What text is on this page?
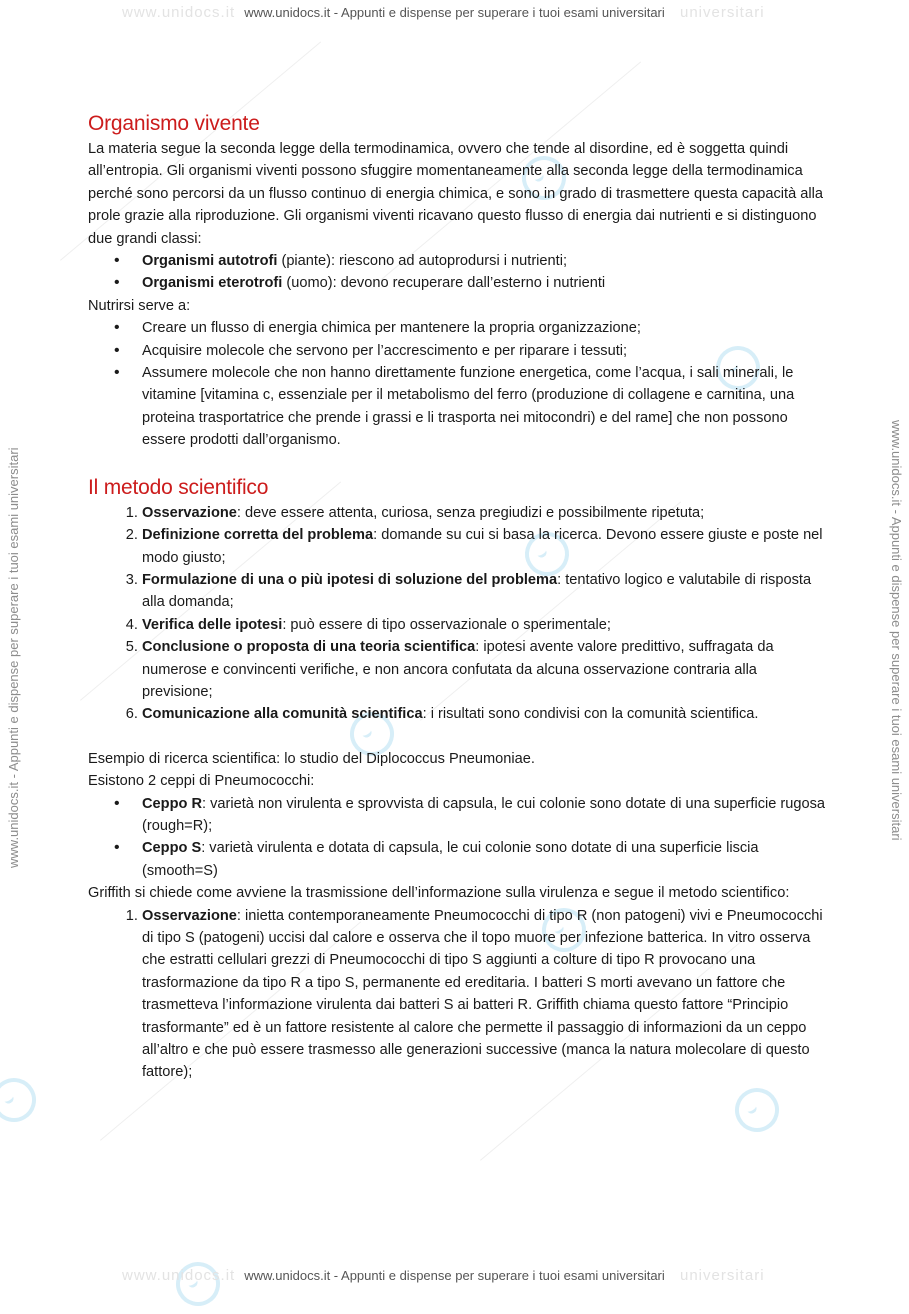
www.unidocs.it	universitari
www.unidocs.it - Appunti e dispense per superare i tuoi esami universitari
www.unidocs.it	universitari
www.unidocs.it - Appunti e dispense per superare i tuoi esami universitari
www.unidocs.it - Appunti e dispense per superare i tuoi esami universitari	www.unidocs.it - Appunti e dispense per superare i tuoi esami universitari
Organismo vivente

La materia segue la seconda legge della termodinamica, ovvero che tende al disordine, ed è soggetta quindi all’entropia. Gli organismi viventi possono sfuggire momentaneamente alla seconda legge della termodinamica perché sono percorsi da un flusso continuo di energia chimica, e sono in grado di trasmettere questa capacità alla prole grazie alla riproduzione. Gli organismi viventi ricavano questo flusso di energia dai nutrienti e si distinguono due grandi classi:

• Organismi autotrofi (piante): riescono ad autoprodursi i nutrienti;
• Organismi eterotrofi (uomo): devono recuperare dall’esterno i nutrienti

Nutrirsi serve a:

• Creare un flusso di energia chimica per mantenere la propria organizzazione;
• Acquisire molecole che servono per l’accrescimento e per riparare i tessuti;
• Assumere molecole che non hanno direttamente funzione energetica, come l’acqua, i sali minerali, le vitamine [vitamina c, essenziale per il metabolismo del ferro (produzione di collagene e carnitina, una proteina trasportatrice che prende i grassi e li trasporta nei mitocondri) e del rame] che non possono essere prodotti dall’organismo.
Il metodo scientifico
1. Osservazione: deve essere attenta, curiosa, senza pregiudizi e possibilmente ripetuta;
2. Definizione corretta del problema: domande su cui si basa la ricerca. Devono essere giuste e poste nel modo giusto;
3. Formulazione di una o più ipotesi di soluzione del problema: tentativo logico e valutabile di risposta alla domanda;
4. Verifica delle ipotesi: può essere di tipo osservazionale o sperimentale;
5. Conclusione o proposta di una teoria scientifica: ipotesi avente valore predittivo, suffragata da numerose e convincenti verifiche, e non ancora confutata da alcuna osservazione contraria alla previsione;
6. Comunicazione alla comunità scientifica: i risultati sono condivisi con la comunità scientifica.

Esempio di ricerca scientifica: lo studio del Diplococcus Pneumoniae.

Esistono 2 ceppi di Pneumococchi:

• Ceppo R: varietà non virulenta e sprovvista di capsula, le cui colonie sono dotate di una superficie rugosa (rough=R);
• Ceppo S: varietà virulenta e dotata di capsula, le cui colonie sono dotate di una superficie liscia (smooth=S)

Griffith si chiede come avviene la trasmissione dell’informazione sulla virulenza e segue il metodo scientifico:

1. Osservazione: inietta contemporaneamente Pneumococchi di tipo R (non patogeni) vivi e Pneumococchi di tipo S (patogeni) uccisi dal calore e osserva che il topo muore per infezione batterica. In vitro osserva che estratti cellulari grezzi di Pneumococchi di tipo S aggiunti a colture di tipo R provocano una trasformazione da tipo R a tipo S, permanente ed ereditaria. I batteri S morti avevano un fattore che trasmetteva l’informazione virulenta dai batteri S ai batteri R. Griffith chiama questo fattore “Principio trasformante” ed è un fattore resistente al calore che permette il passaggio di informazioni da un ceppo all’altro e che può essere trasmesso alle generazioni successive (manca la natura molecolare di questo fattore);
